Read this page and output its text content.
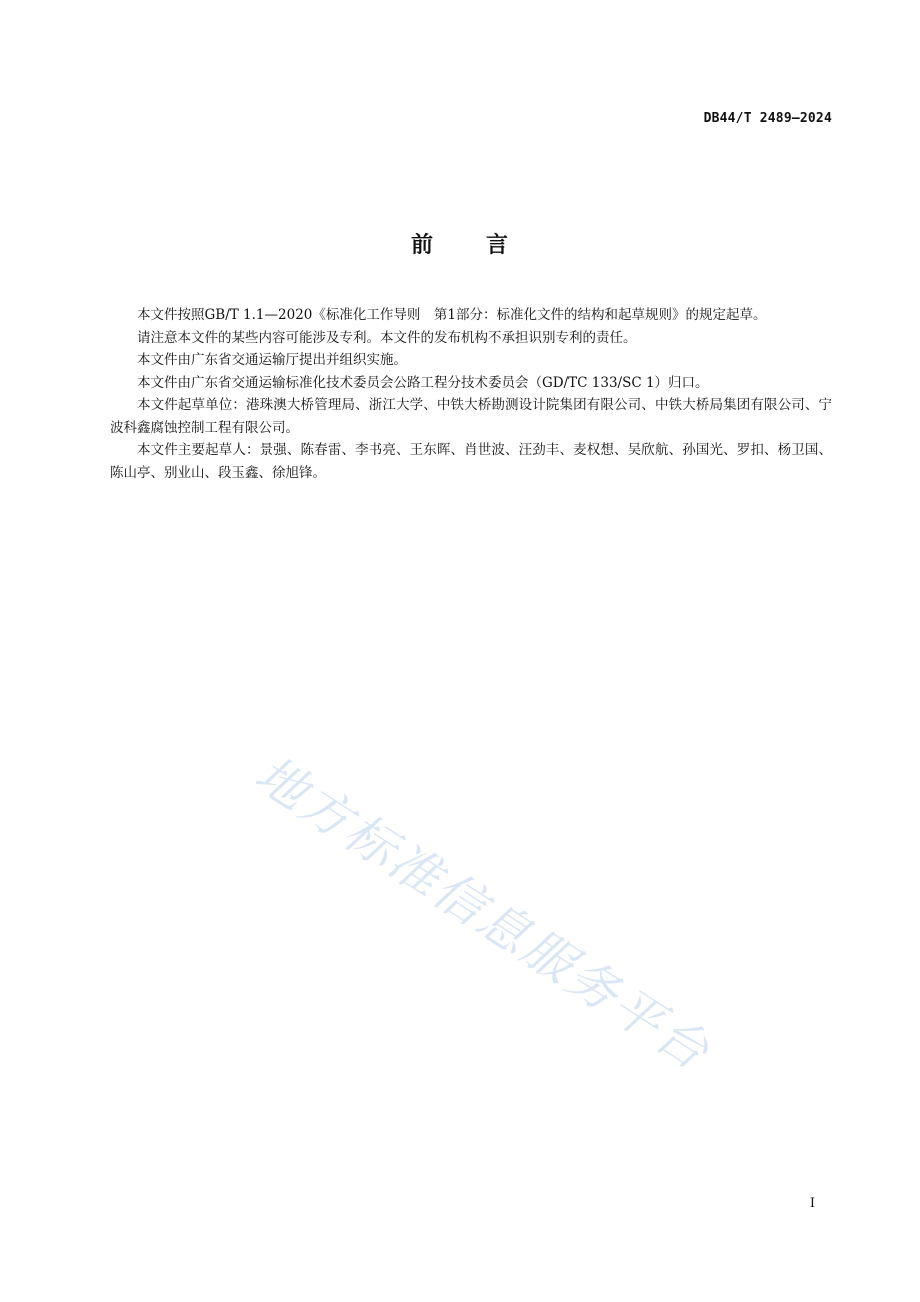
DB44/T 2489—2024
前 言

本文件按照GB/T 1.1—2020《标准化工作导则　第1部分：标准化文件的结构和起草规则》的规定起草。

请注意本文件的某些内容可能涉及专利。本文件的发布机构不承担识别专利的责任。

本文件由广东省交通运输厅提出并组织实施。

本文件由广东省交通运输标准化技术委员会公路工程分技术委员会（GD/TC 133/SC 1）归口。

本文件起草单位：港珠澳大桥管理局、浙江大学、中铁大桥勘测设计院集团有限公司、中铁大桥局集团有限公司、宁波科鑫腐蚀控制工程有限公司。

本文件主要起草人：景强、陈春雷、李书亮、王东晖、肖世波、汪劲丰、麦权想、吴欣航、孙国光、罗扣、杨卫国、陈山亭、别业山、段玉鑫、徐旭锋。

地方标准信息服务平台
I
